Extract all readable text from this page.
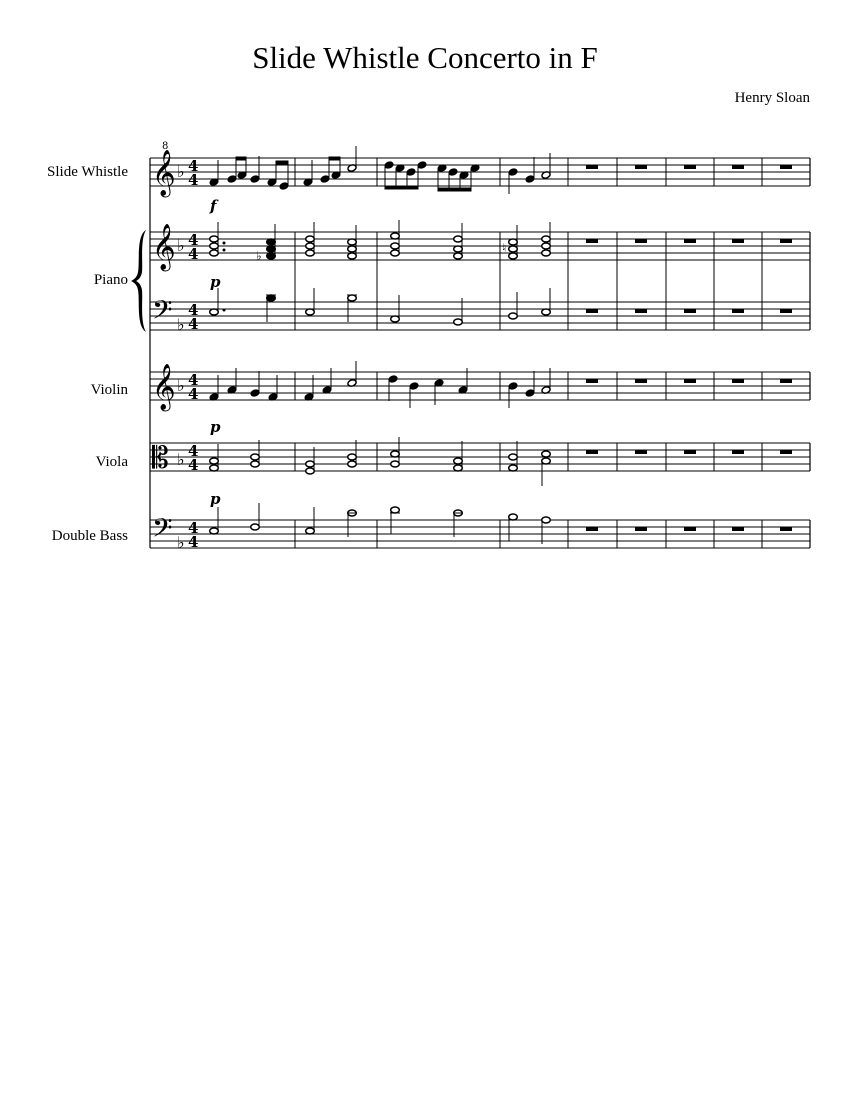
Slide Whistle Concerto in F
Henry Sloan
Slide Whistle
Piano
Violin
Viola
Double Bass
𝄞
8
𝄞
𝄢
𝄞
𝄡
𝄢
♭
♭
♭
♭
♭
♭
4
4
4
4
4
4
4
4
4
4
4
4
f
p
p
p
♭
♮
